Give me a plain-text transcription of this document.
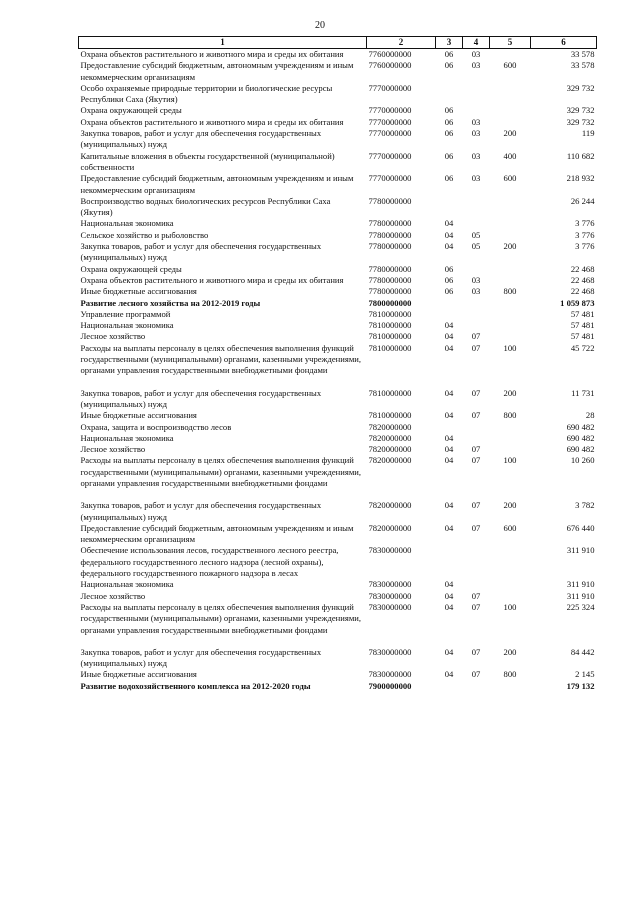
20
1	2	3	4	5	6
Охрана объектов растительного и животного мира и среды их обитания	7760000000	06	03		33 578
Предоставление субсидий бюджетным, автономным учреждениям и иным некоммерческим организациям	7760000000	06	03	600	33 578
Особо охраняемые природные территории и биологические ресурсы Республики Саха (Якутия)	7770000000				329 732
Охрана окружающей среды	7770000000	06			329 732
Охрана объектов растительного и животного мира и среды их обитания	7770000000	06	03		329 732
Закупка товаров, работ и услуг для обеспечения государственных (муниципальных) нужд	7770000000	06	03	200	119
Капитальные вложения в объекты государственной (муниципальной) собственности	7770000000	06	03	400	110 682
Предоставление субсидий бюджетным, автономным учреждениям и иным некоммерческим организациям	7770000000	06	03	600	218 932
Воспроизводство водных биологических ресурсов Республики Саха (Якутия)	7780000000				26 244
Национальная экономика	7780000000	04			3 776
Сельское хозяйство и рыболовство	7780000000	04	05		3 776
Закупка товаров, работ и услуг для обеспечения государственных (муниципальных) нужд	7780000000	04	05	200	3 776
Охрана окружающей среды	7780000000	06			22 468
Охрана объектов растительного и животного мира и среды их обитания	7780000000	06	03		22 468
Иные бюджетные ассигнования	7780000000	06	03	800	22 468
Развитие лесного хозяйства на 2012-2019 годы	7800000000				1 059 873
Управление программой	7810000000				57 481
Национальная экономика	7810000000	04			57 481
Лесное хозяйство	7810000000	04	07		57 481
Расходы на выплаты персоналу в целях обеспечения выполнения функций государственными (муниципальными) органами, казенными учреждениями, органами управления государственными внебюджетными фондами	7810000000	04	07	100	45 722

Закупка товаров, работ и услуг для обеспечения государственных (муниципальных) нужд	7810000000	04	07	200	11 731
Иные бюджетные ассигнования	7810000000	04	07	800	28
Охрана, защита и воспроизводство лесов	7820000000				690 482
Национальная экономика	7820000000	04			690 482
Лесное хозяйство	7820000000	04	07		690 482
Расходы на выплаты персоналу в целях обеспечения выполнения функций государственными (муниципальными) органами, казенными учреждениями, органами управления государственными внебюджетными фондами	7820000000	04	07	100	10 260

Закупка товаров, работ и услуг для обеспечения государственных (муниципальных) нужд	7820000000	04	07	200	3 782
Предоставление субсидий бюджетным, автономным учреждениям и иным некоммерческим организациям	7820000000	04	07	600	676 440
Обеспечение использования лесов, государственного лесного реестра, федерального государственного лесного надзора (лесной охраны), федерального государственного пожарного надзора в лесах	7830000000				311 910
Национальная экономика	7830000000	04			311 910
Лесное хозяйство	7830000000	04	07		311 910
Расходы на выплаты персоналу в целях обеспечения выполнения функций государственными (муниципальными) органами, казенными учреждениями, органами управления государственными внебюджетными фондами	7830000000	04	07	100	225 324

Закупка товаров, работ и услуг для обеспечения государственных (муниципальных) нужд	7830000000	04	07	200	84 442
Иные бюджетные ассигнования	7830000000	04	07	800	2 145
Развитие водохозяйственного комплекса на 2012-2020 годы	7900000000				179 132
